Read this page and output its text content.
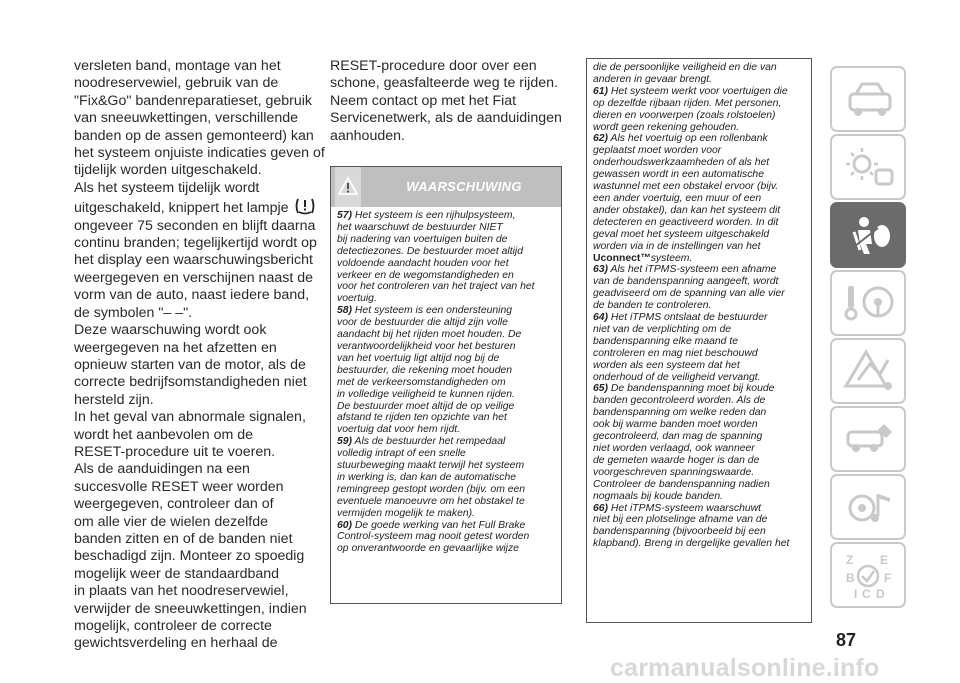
versleten band, montage van het
noodreservewiel, gebruik van de
"Fix&Go" bandenreparatieset, gebruik
van sneeuwkettingen, verschillende
banden op de assen gemonteerd) kan
het systeem onjuiste indicaties geven of
tijdelijk worden uitgeschakeld.
Als het systeem tijdelijk wordt
uitgeschakeld, knippert het lampje
ongeveer 75 seconden en blijft daarna
continu branden; tegelijkertijd wordt op
het display een waarschuwingsbericht
weergegeven en verschijnen naast de
vorm van de auto, naast iedere band,
de symbolen "– –".
Deze waarschuwing wordt ook
weergegeven na het afzetten en
opnieuw starten van de motor, als de
correcte bedrijfsomstandigheden niet
hersteld zijn.
In het geval van abnormale signalen,
wordt het aanbevolen om de
RESET-procedure uit te voeren.
Als de aanduidingen na een
succesvolle RESET weer worden
weergegeven, controleer dan of
om alle vier de wielen dezelfde
banden zitten en of de banden niet
beschadigd zijn. Monteer zo spoedig
mogelijk weer de standaardband
in plaats van het noodreservewiel,
verwijder de sneeuwkettingen, indien
mogelijk, controleer de correcte
gewichtsverdeling en herhaal de
RESET-procedure door over een
schone, geasfalteerde weg te rijden.
Neem contact op met het Fiat
Servicenetwerk, als de aanduidingen
aanhouden.
WAARSCHUWING
57) Het systeem is een rijhulpsysteem,
het waarschuwt de bestuurder NIET
bij nadering van voertuigen buiten de
detectiezones. De bestuurder moet altijd
voldoende aandacht houden voor het
verkeer en de wegomstandigheden en
voor het controleren van het traject van het
voertuig.
58) Het systeem is een ondersteuning
voor de bestuurder die altijd zijn volle
aandacht bij het rijden moet houden. De
verantwoordelijkheid voor het besturen
van het voertuig ligt altijd nog bij de
bestuurder, die rekening moet houden
met de verkeersomstandigheden om
in volledige veiligheid te kunnen rijden.
De bestuurder moet altijd de op veilige
afstand te rijden ten opzichte van het
voertuig dat voor hem rijdt.
59) Als de bestuurder het rempedaal
volledig intrapt of een snelle
stuurbeweging maakt terwijl het systeem
in werking is, dan kan de automatische
remingreep gestopt worden (bijv. om een
eventuele manoeuvre om het obstakel te
vermijden mogelijk te maken).
60) De goede werking van het Full Brake
Control-systeem mag nooit getest worden
op onverantwoorde en gevaarlijke wijze
die de persoonlijke veiligheid en die van
anderen in gevaar brengt.
61) Het systeem werkt voor voertuigen die
op dezelfde rijbaan rijden. Met personen,
dieren en voorwerpen (zoals rolstoelen)
wordt geen rekening gehouden.
62) Als het voertuig op een rollenbank
geplaatst moet worden voor
onderhoudswerkzaamheden of als het
gewassen wordt in een automatische
wastunnel met een obstakel ervoor (bijv.
een ander voertuig, een muur of een
ander obstakel), dan kan het systeem dit
detecteren en geactiveerd worden. In dit
geval moet het systeem uitgeschakeld
worden via in de instellingen van het
Uconnect™systeem.
63) Als het iTPMS-systeem een afname
van de bandenspanning aangeeft, wordt
geadviseerd om de spanning van alle vier
de banden te controleren.
64) Het iTPMS ontslaat de bestuurder
niet van de verplichting om de
bandenspanning elke maand te
controleren en mag niet beschouwd
worden als een systeem dat het
onderhoud of de veiligheid vervangt.
65) De bandenspanning moet bij koude
banden gecontroleerd worden. Als de
bandenspanning om welke reden dan
ook bij warme banden moet worden
gecontroleerd, dan mag de spanning
niet worden verlaagd, ook wanneer
de gemeten waarde hoger is dan de
voorgeschreven spanningswaarde.
Controleer de bandenspanning nadien
nogmaals bij koude banden.
66) Het iTPMS-systeem waarschuwt
niet bij een plotselinge afname van de
bandenspanning (bijvoorbeeld bij een
klapband). Breng in dergelijke gevallen het
Z E
B F
I C D
87
carmanualsonline.info
